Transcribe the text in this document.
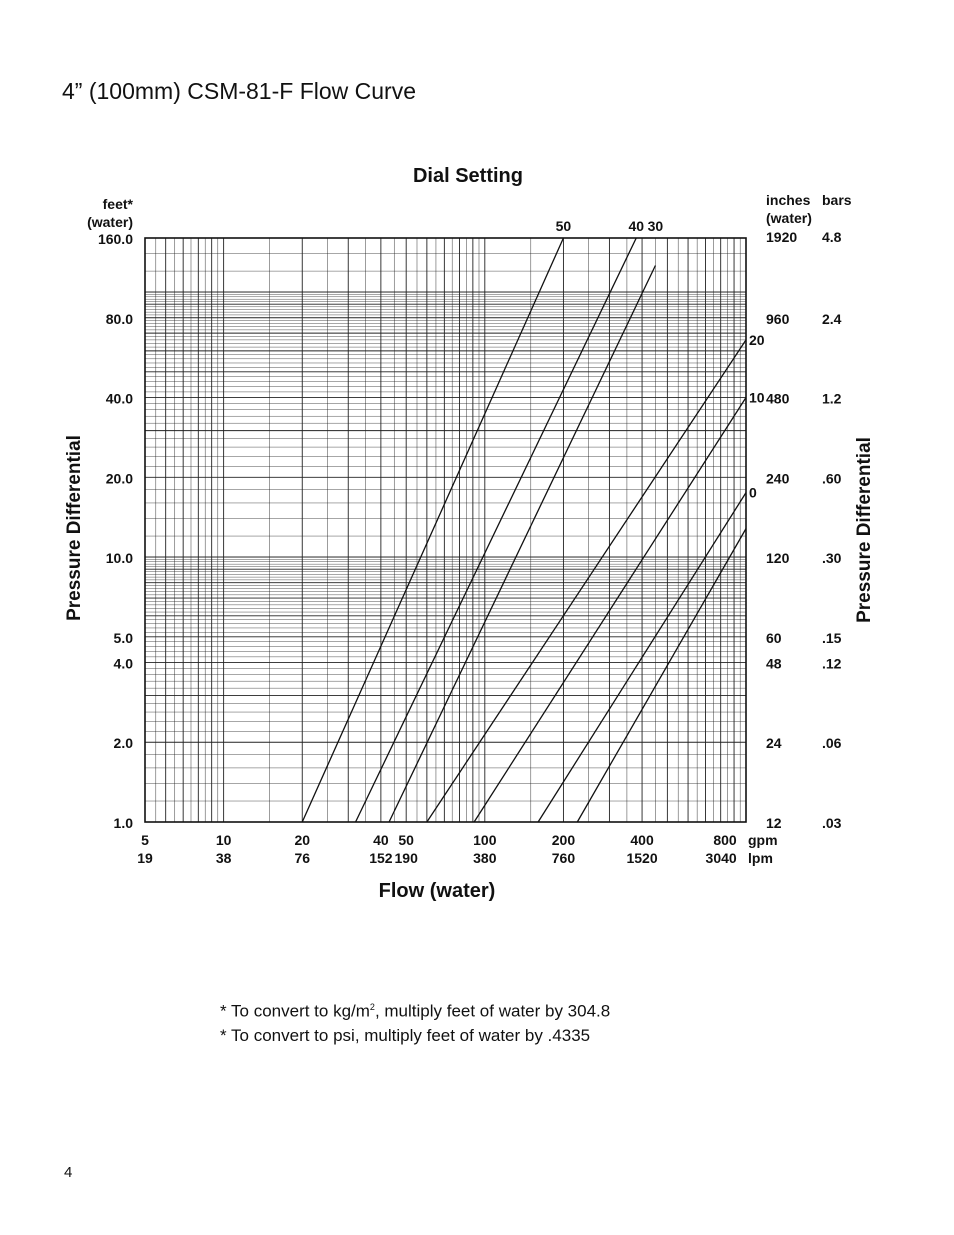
4” (100mm) CSM-81-F Flow Curve
50	40 30
20
10
0
5
19
10
38
20
76
40
152
50
190
100
380
200
760
400
1520
800
3040
160.0
80.0
40.0
20.0
10.0
5.0
4.0
2.0
1.0
1920 4.8
960 2.4
480 1.2
240 .60
120 .30
60	.15
48	.12
24	.06
12	.03
Dial Setting
Flow (water)
Pressure Differential	Pressure Differential
feet*
(water)
inches
(water)
bars
gpm
lpm
* To convert to $kg/m^2$, multiply feet of water by 304.8
* To convert to psi, multiply feet of water by .4335
4
